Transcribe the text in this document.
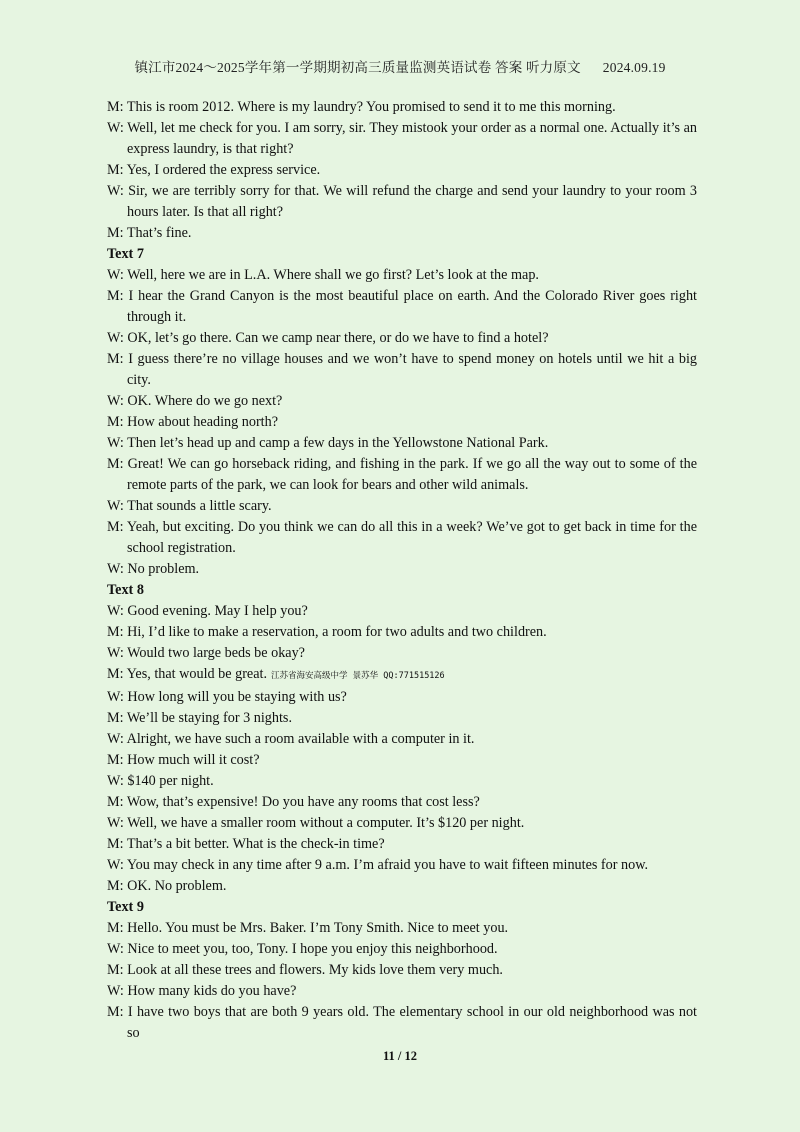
镇江市2024～2025学年第一学期期初高三质量监测英语试卷 答案 听力原文 2024.09.19
M: This is room 2012. Where is my laundry? You promised to send it to me this morning.
W: Well, let me check for you. I am sorry, sir. They mistook your order as a normal one. Actually it’s an express laundry, is that right?
M: Yes, I ordered the express service.
W: Sir, we are terribly sorry for that. We will refund the charge and send your laundry to your room 3 hours later. Is that all right?
M: That’s fine.
Text 7
W: Well, here we are in L.A. Where shall we go first? Let’s look at the map.
M: I hear the Grand Canyon is the most beautiful place on earth. And the Colorado River goes right through it.
W: OK, let’s go there. Can we camp near there, or do we have to find a hotel?
M: I guess there’re no village houses and we won’t have to spend money on hotels until we hit a big city.
W: OK. Where do we go next?
M: How about heading north?
W: Then let’s head up and camp a few days in the Yellowstone National Park.
M: Great! We can go horseback riding, and fishing in the park. If we go all the way out to some of the remote parts of the park, we can look for bears and other wild animals.
W: That sounds a little scary.
M: Yeah, but exciting. Do you think we can do all this in a week? We’ve got to get back in time for the school registration.
W: No problem.
Text 8
W: Good evening. May I help you?
M: Hi, I’d like to make a reservation, a room for two adults and two children.
W: Would two large beds be okay?
M: Yes, that would be great. 江苏省海安高级中学 景苏华 QQ:771515126
W: How long will you be staying with us?
M: We’ll be staying for 3 nights.
W: Alright, we have such a room available with a computer in it.
M: How much will it cost?
W: $140 per night.
M: Wow, that’s expensive! Do you have any rooms that cost less?
W: Well, we have a smaller room without a computer. It’s $120 per night.
M: That’s a bit better. What is the check-in time?
W: You may check in any time after 9 a.m. I’m afraid you have to wait fifteen minutes for now.
M: OK. No problem.
Text 9
M: Hello. You must be Mrs. Baker. I’m Tony Smith. Nice to meet you.
W: Nice to meet you, too, Tony. I hope you enjoy this neighborhood.
M: Look at all these trees and flowers. My kids love them very much.
W: How many kids do you have?
M: I have two boys that are both 9 years old. The elementary school in our old neighborhood was not so
11 / 12
